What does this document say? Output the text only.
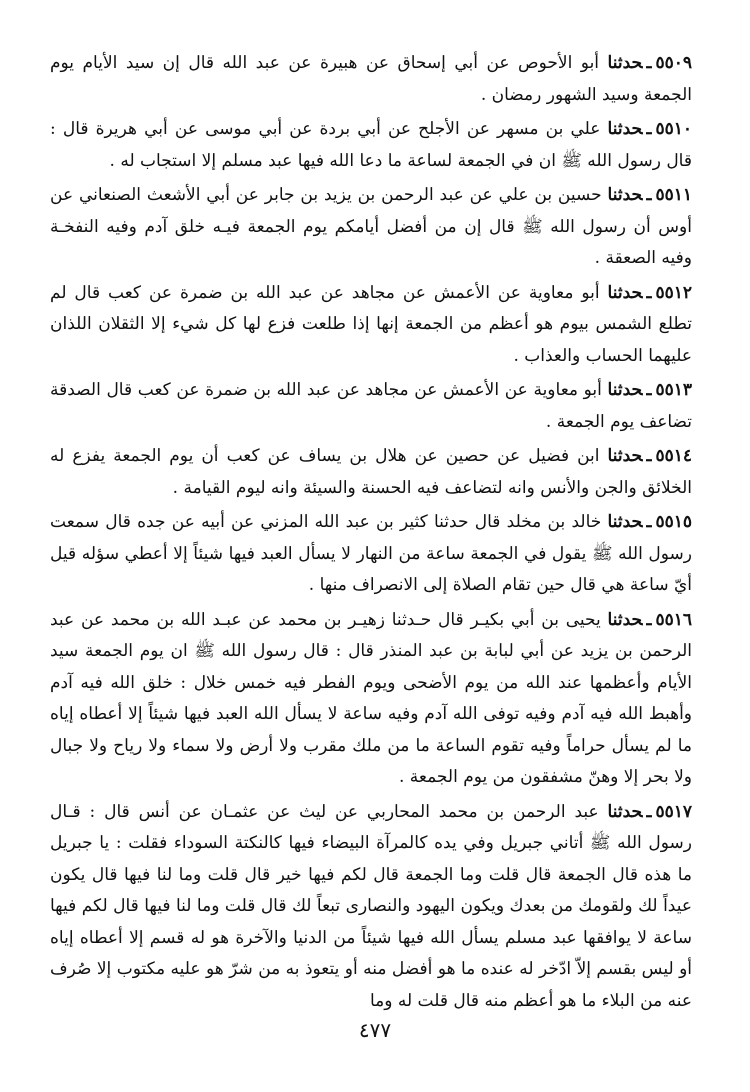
٥٥٠٩ـحدثنا أبو الأحوص عن أبي إسحاق عن هبيرة عن عبد الله قال إن سيد الأيام يوم الجمعة وسيد الشهور رمضان .

٥٥١٠ـحدثنا علي بن مسهر عن الأجلح عن أبي بردة عن أبي موسى عن أبي هريرة قال : قال رسول الله ﷺ ان في الجمعة لساعة ما دعا الله فيها عبد مسلم إلا استجاب له .

٥٥١١ـحدثنا حسين بن علي عن عبد الرحمن بن يزيد بن جابر عن أبي الأشعث الصنعاني عن أوس أن رسول الله ﷺ قال إن من أفضل أيامكم يوم الجمعة فيـه خلق آدم وفيه النفخـة وفيه الصعقة .

٥٥١٢ـحدثنا أبو معاوية عن الأعمش عن مجاهد عن عبد الله بن ضمرة عن كعب قال لم تطلع الشمس بيوم هو أعظم من الجمعة إنها إذا طلعت فزع لها كل شيء إلا الثقلان اللذان عليهما الحساب والعذاب .

٥٥١٣ـحدثنا أبو معاوية عن الأعمش عن مجاهد عن عبد الله بن ضمرة عن كعب قال الصدقة تضاعف يوم الجمعة .

٥٥١٤ـحدثنا ابن فضيل عن حصين عن هلال بن يساف عن كعب أن يوم الجمعة يفزع له الخلائق والجن والأنس وانه لتضاعف فيه الحسنة والسيئة وانه ليوم القيامة .

٥٥١٥ـحدثنا خالد بن مخلد قال حدثنا كثير بن عبد الله المزني عن أبيه عن جده قال سمعت رسول الله ﷺ يقول في الجمعة ساعة من النهار لا يسأل العبد فيها شيئاً إلا أعطي سؤله قيل أيّ ساعة هي قال حين تقام الصلاة إلى الانصراف منها .

٥٥١٦ـحدثنا يحيى بن أبي بكيـر قال حـدثنا زهيـر بن محمد عن عبـد الله بن محمد عن عبد الرحمن بن يزيد عن أبي لبابة بن عبد المنذر قال : قال رسول الله ﷺ ان يوم الجمعة سيد الأيام وأعظمها عند الله من يوم الأضحى ويوم الفطر فيه خمس خلال : خلق الله فيه آدم وأهبط الله فيه آدم وفيه توفى الله آدم وفيه ساعة لا يسأل الله العبد فيها شيئاً إلا أعطاه إياه ما لم يسأل حراماً وفيه تقوم الساعة ما من ملك مقرب ولا أرض ولا سماء ولا رياح ولا جبال ولا بحر إلا وهنّ مشفقون من يوم الجمعة .

٥٥١٧ـحدثنا عبد الرحمن بن محمد المحاربي عن ليث عن عثمـان عن أنس قال : قـال رسول الله ﷺ أتاني جبريل وفي يده كالمرآة البيضاء فيها كالنكتة السوداء فقلت : يا جبريل ما هذه قال الجمعة قال قلت وما الجمعة قال لكم فيها خير قال قلت وما لنا فيها قال يكون عيداً لك ولقومك من بعدك ويكون اليهود والنصارى تبعاً لك قال قلت وما لنا فيها قال لكم فيها ساعة لا يوافقها عبد مسلم يسأل الله فيها شيئاً من الدنيا والآخرة هو له قسم إلا أعطاه إياه أو ليس بقسم إلاّ ادّخر له عنده ما هو أفضل منه أو يتعوذ به من شرّ هو عليه مكتوب إلا صُرف عنه من البلاء ما هو أعظم منه قال قلت له وما

٤٧٧
